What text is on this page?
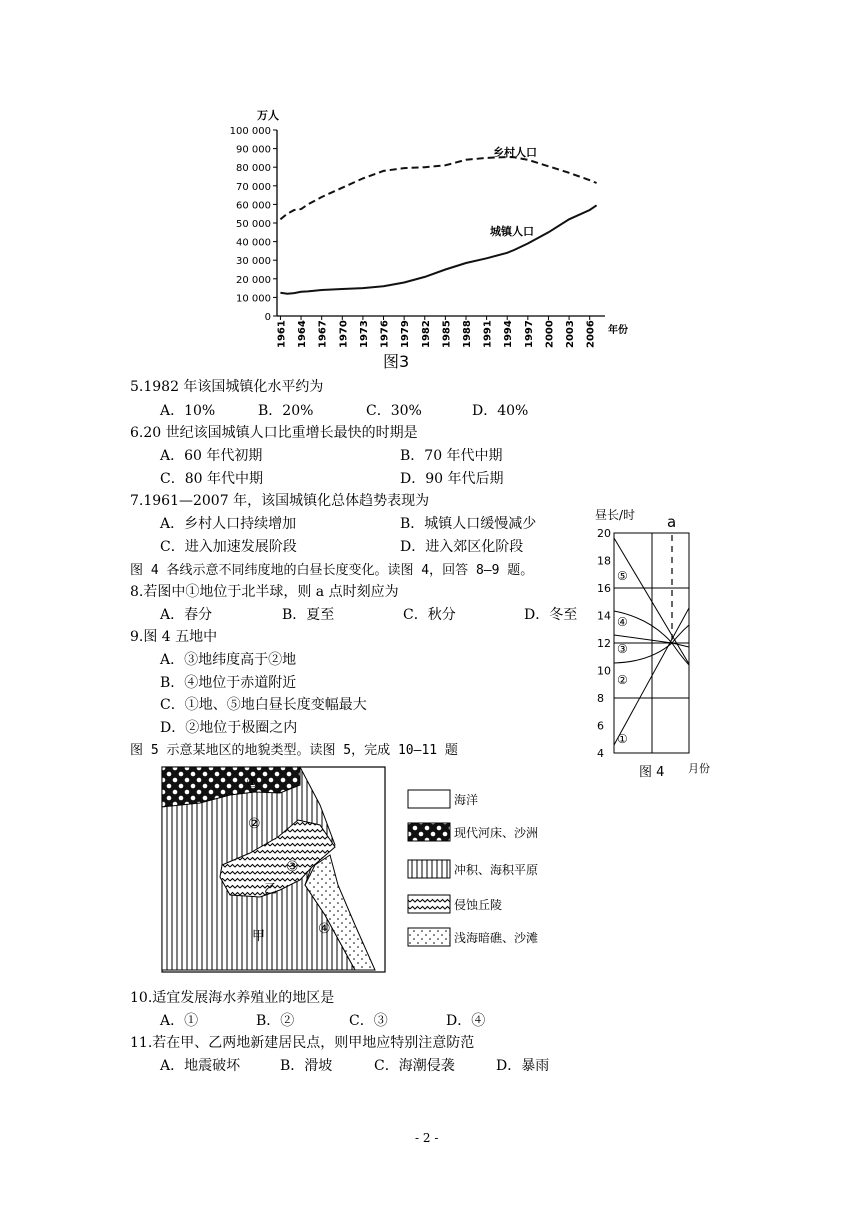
0
10 000
20 000
30 000
40 000
50 000
60 000
70 000
80 000
90 000
100 000
1961 1964 1967 1970 1973 1976 1979 1982 1985 1988 1991 1994 1997 2000 2003 2006
万人
年份
乡村人口
城镇人口
图3
5.1982 年该国城镇化水平约为
A．10%	B．20%	C．30%	D．40%
6.20 世纪该国城镇人口比重增长最快的时期是
A．60 年代初期	B．70 年代中期
C．80 年代中期	D．90 年代后期
7.1961—2007 年，该国城镇化总体趋势表现为
A．乡村人口持续增加	B．城镇人口缓慢减少
C．进入加速发展阶段	D．进入郊区化阶段
图 4 各线示意不同纬度地的白昼长度变化。读图 4，回答 8—9 题。
8.若图中①地位于北半球，则 a 点时刻应为
A．春分	B．夏至	C．秋分	D．冬至
9.图 4 五地中
A．③地纬度高于②地
B．④地位于赤道附近
C．①地、⑤地白昼长度变幅最大
D．②地位于极圈之内
图 5 示意某地区的地貌类型。读图 5，完成 10—11 题
10.适宜发展海水养殖业的地区是
A．①	B．②	C．③	D．④
11.若在甲、乙两地新建居民点，则甲地应特别注意防范
A．地震破坏	B．滑坡	C．海潮侵袭	D．暴雨
昼长/时 a
4
6
8
10
12
14
16
18
20
⑤
④
③
②
①
图 4 月份
①
②
③
乙
④
甲
海洋
现代河床、沙洲
冲积、海积平原
侵蚀丘陵
浅海暗礁、沙滩
- 2 -
